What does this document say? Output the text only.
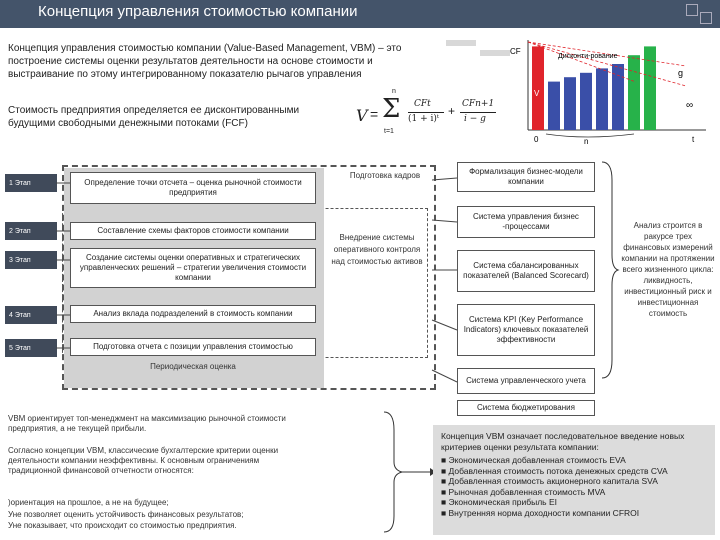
Концепция управления стоимостью компании
Концепция управления стоимостью компании (Value-Based Management, VBM) – это построение системы оценки результатов деятельности на основе стоимости и выстраивание по этому интегрированному показателю рычагов управления
Стоимость предприятия определяется ее дисконтированными будущими свободными денежными потоками (FCF)	V =
n
Σ
t=1
CFt
(1 + i)ᵗ
+ CFn+1
i − g
CF
V
g
∞
t
0	n
Дисконти-рование
1 Этап
2 Этап
3 Этап
4 Этап
5 Этап
Определение точки отсчета – оценка рыночной стоимости предприятия
Составление схемы факторов стоимости компании
Создание системы оценки оперативных и стратегических управленческих решений – стратегии увеличения стоимости компании
Анализ вклада подразделений в стоимость компании
Подготовка отчета с позиции управления стоимостью
Подготовка кадров
Внедрение системы оперативного контроля над стоимостью активов
Периодическая оценка
Формализация бизнес-модели компании
Система управления бизнес -процессами
Система сбалансированных показателей (Balanced Scorecard)
Система KPI (Key Performance Indicators) ключевых показателей эффективности
Система управленческого учета
Система бюджетирования
Анализ строится в ракурсе трех финансовых измерений компании на протяжении всего жизненного цикла: ликвидность, инвестиционный риск и инвестиционная стоимость
VBM ориентирует топ-менеджмент на максимизацию рыночной стоимости предприятия, а не текущей прибыли.
Согласно концепции VBM, классические бухгалтерские критерии оценки деятельности компании неэффективны. К основным ограничениям традиционной финансовой отчетности относятся:
)ориентация на прошлое, а не на будущее;
Уне позволяет оценить устойчивость финансовых результатов;
Уне показывает, что происходит со стоимостью предприятия.
Концепция VBM означает последовательное введение новых критериев оценки результата компании:
■ Экономическая добавленная стоимость EVA
■ Добавленная стоимость потока денежных средств CVA
■ Добавленная стоимость акционерного капитала SVA
■ Рыночная добавленная стоимость MVA
■ Экономическая прибыль EI
■ Внутренняя норма доходности компании CFROI
